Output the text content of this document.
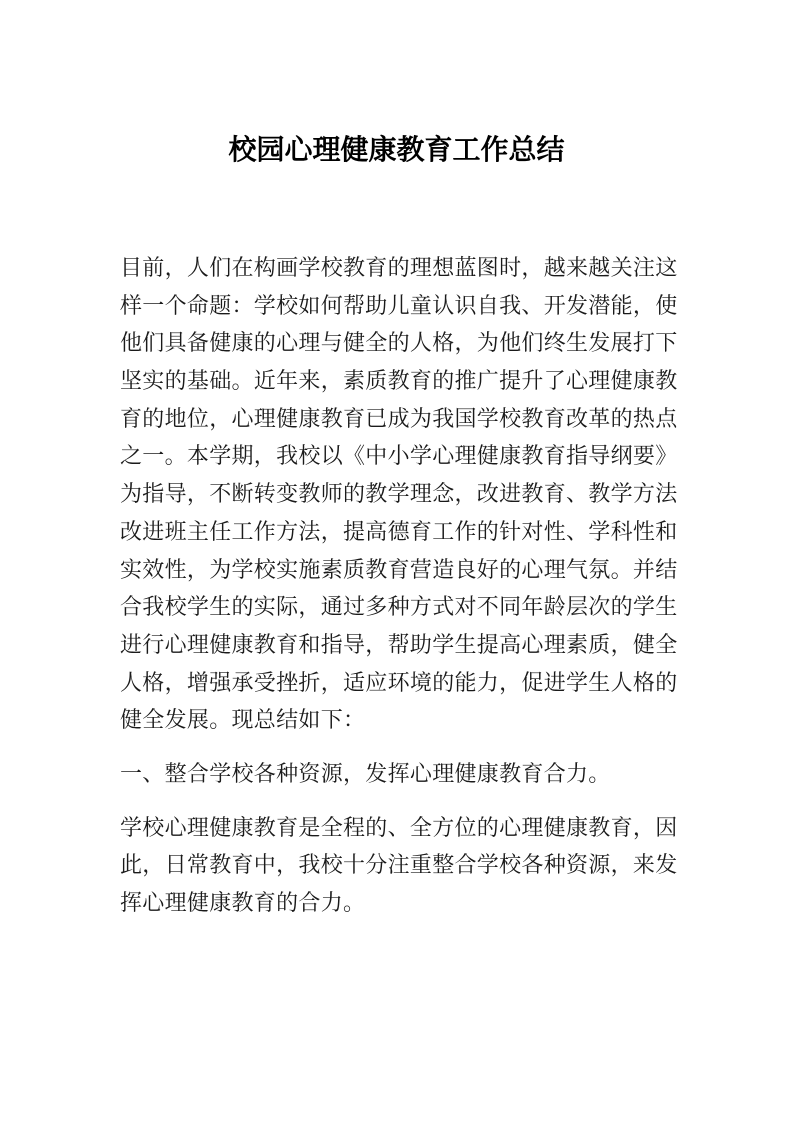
校园心理健康教育工作总结
目前，人们在构画学校教育的理想蓝图时，越来越关注这
样一个命题：学校如何帮助儿童认识自我、开发潜能，使
他们具备健康的心理与健全的人格，为他们终生发展打下
坚实的基础。近年来，素质教育的推广提升了心理健康教
育的地位，心理健康教育已成为我国学校教育改革的热点
之一。本学期，我校以《中小学心理健康教育指导纲要》
为指导，不断转变教师的教学理念，改进教育、教学方法
改进班主任工作方法，提高德育工作的针对性、学科性和
实效性，为学校实施素质教育营造良好的心理气氛。并结
合我校学生的实际，通过多种方式对不同年龄层次的学生
进行心理健康教育和指导，帮助学生提高心理素质，健全
人格，增强承受挫折，适应环境的能力，促进学生人格的
健全发展。现总结如下：
一、整合学校各种资源，发挥心理健康教育合力。
学校心理健康教育是全程的、全方位的心理健康教育，因
此，日常教育中，我校十分注重整合学校各种资源，来发
挥心理健康教育的合力。
